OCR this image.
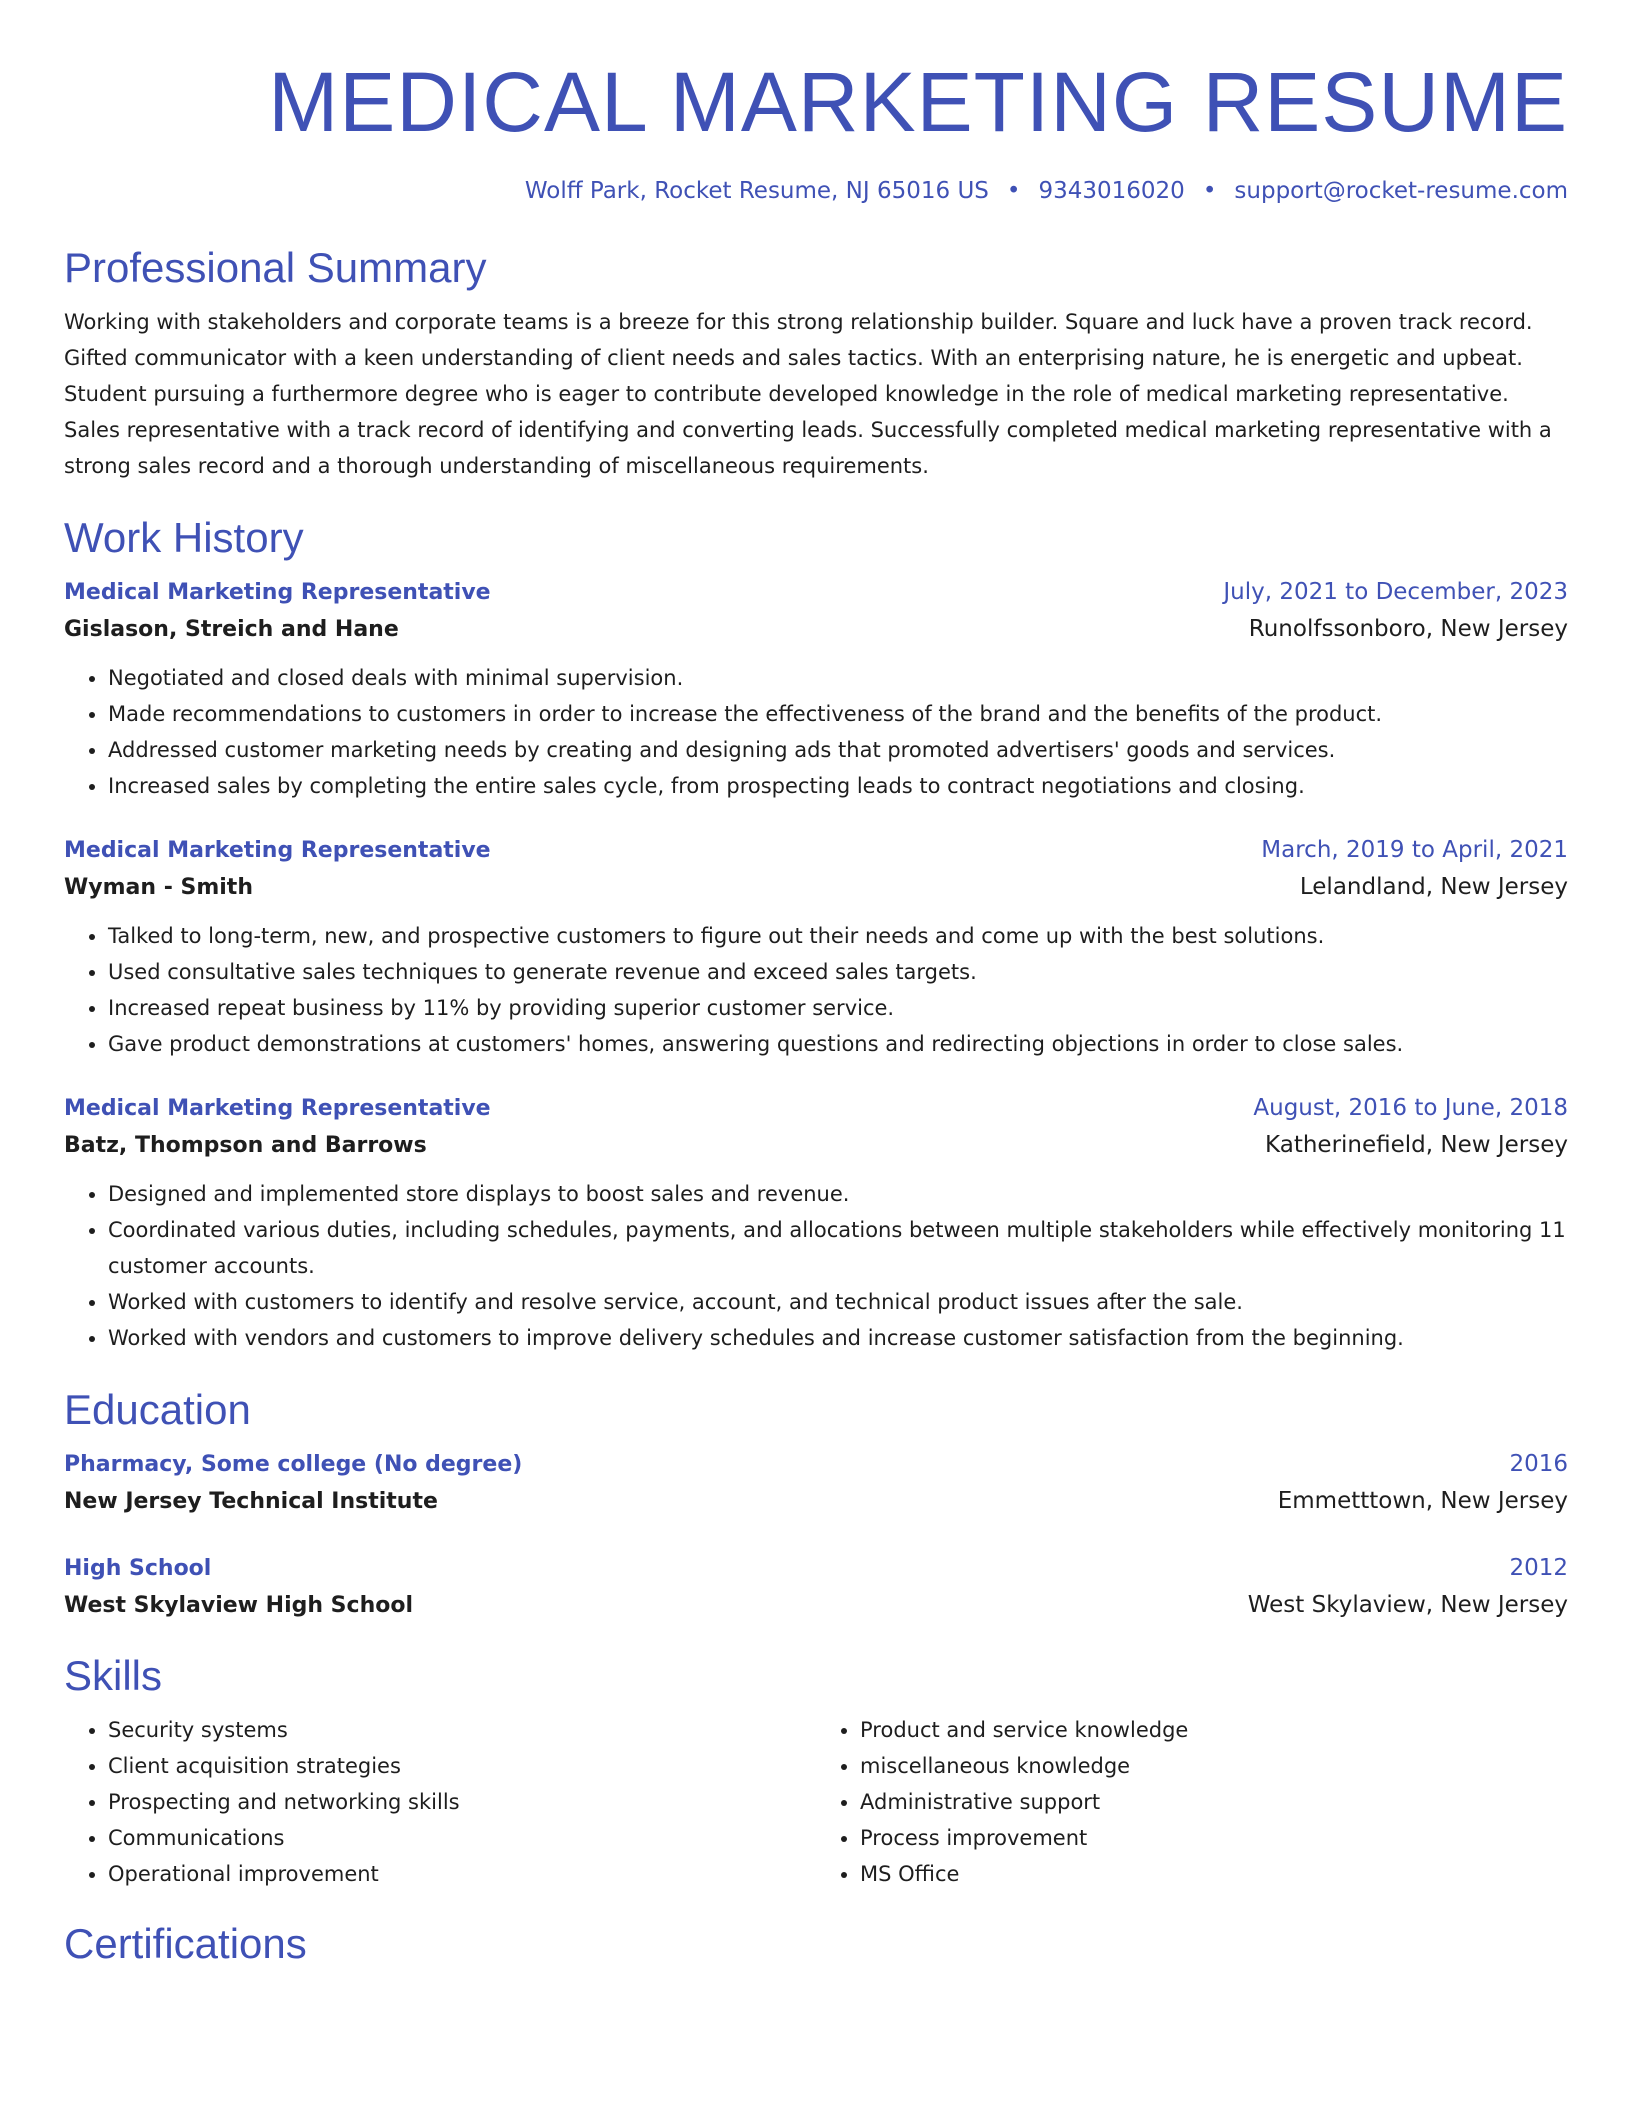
MEDICAL MARKETING RESUME
Wolff Park, Rocket Resume, NJ 65016 US • 9343016020 • support@rocket-resume.com
Professional Summary

Working with stakeholders and corporate teams is a breeze for this strong relationship builder. Square and luck have a proven track record. Gifted communicator with a keen understanding of client needs and sales tactics. With an enterprising nature, he is energetic and upbeat. Student pursuing a furthermore degree who is eager to contribute developed knowledge in the role of medical marketing representative. Sales representative with a track record of identifying and converting leads. Successfully completed medical marketing representative with a strong sales record and a thorough understanding of miscellaneous requirements.

Work History
Medical Marketing Representative	July, 2021 to December, 2023
Gislason, Streich and Hane	Runolfssonboro, New Jersey
• Negotiated and closed deals with minimal supervision.
• Made recommendations to customers in order to increase the effectiveness of the brand and the benefits of the product.
• Addressed customer marketing needs by creating and designing ads that promoted advertisers' goods and services.
• Increased sales by completing the entire sales cycle, from prospecting leads to contract negotiations and closing.
Medical Marketing Representative	March, 2019 to April, 2021
Wyman - Smith	Lelandland, New Jersey
• Talked to long-term, new, and prospective customers to figure out their needs and come up with the best solutions.
• Used consultative sales techniques to generate revenue and exceed sales targets.
• Increased repeat business by 11% by providing superior customer service.
• Gave product demonstrations at customers' homes, answering questions and redirecting objections in order to close sales.
Medical Marketing Representative	August, 2016 to June, 2018
Batz, Thompson and Barrows	Katherinefield, New Jersey
• Designed and implemented store displays to boost sales and revenue.
• Coordinated various duties, including schedules, payments, and allocations between multiple stakeholders while effectively monitoring 11 customer accounts.
• Worked with customers to identify and resolve service, account, and technical product issues after the sale.
• Worked with vendors and customers to improve delivery schedules and increase customer satisfaction from the beginning.
Education
Pharmacy, Some college (No degree)	2016
New Jersey Technical Institute	Emmetttown, New Jersey
High School	2012
West Skylaview High School	West Skylaview, New Jersey
Skills
• Security systems
• Client acquisition strategies
• Prospecting and networking skills
• Communications
• Operational improvement
• Product and service knowledge
• miscellaneous knowledge
• Administrative support
• Process improvement
• MS Office
Certifications
